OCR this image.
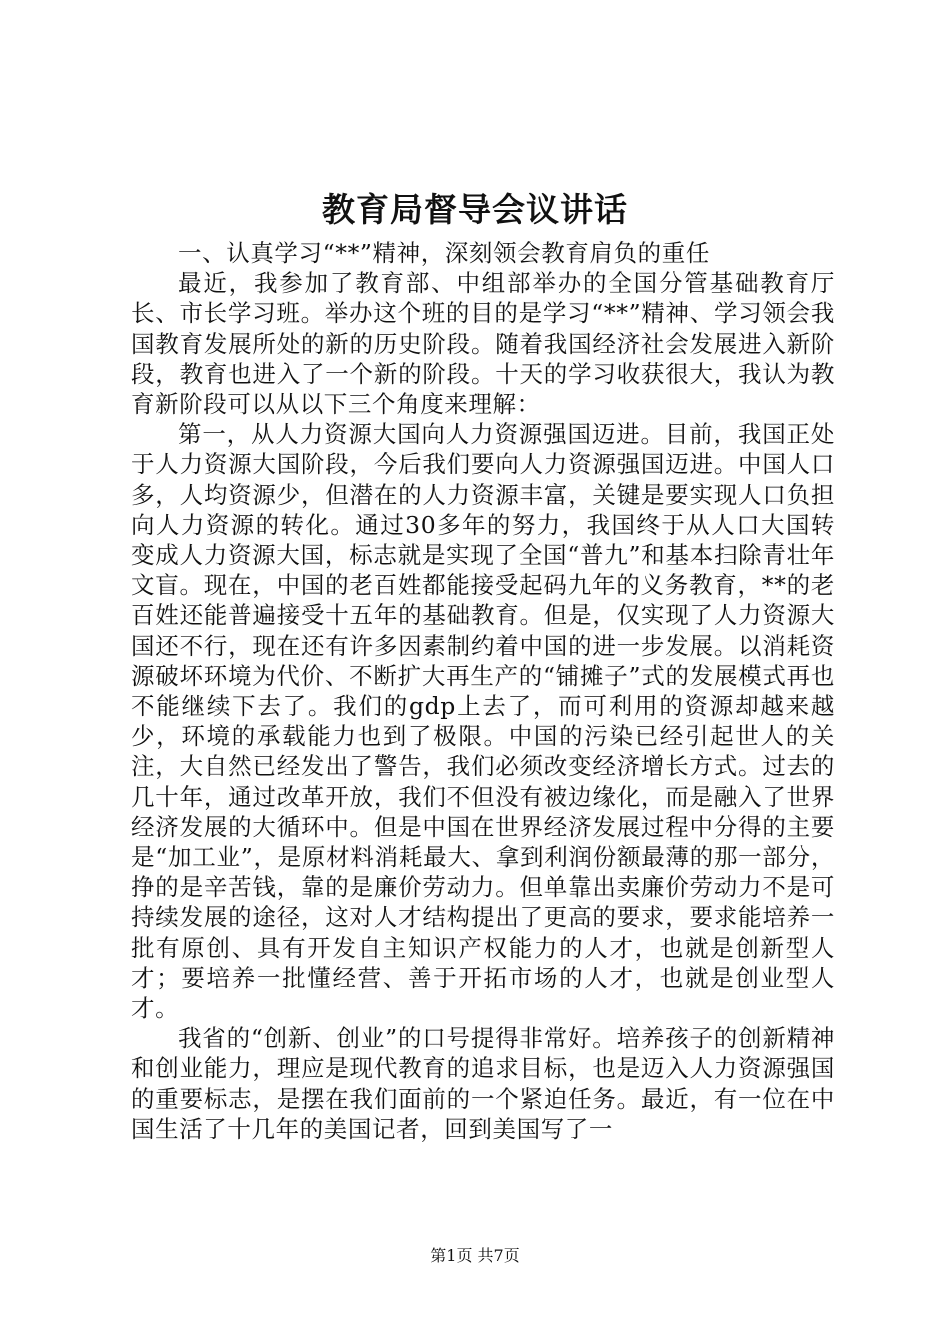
教育局督导会议讲话

一、认真学习“**”精神，深刻领会教育肩负的重任

最近，我参加了教育部、中组部举办的全国分管基础教育厅长、市长学习班。举办这个班的目的是学习“**”精神、学习领会我国教育发展所处的新的历史阶段。随着我国经济社会发展进入新阶段，教育也进入了一个新的阶段。十天的学习收获很大，我认为教育新阶段可以从以下三个角度来理解：

第一，从人力资源大国向人力资源强国迈进。目前，我国正处于人力资源大国阶段，今后我们要向人力资源强国迈进。中国人口多，人均资源少，但潜在的人力资源丰富，关键是要实现人口负担向人力资源的转化。通过30多年的努力，我国终于从人口大国转变成人力资源大国，标志就是实现了全国“普九”和基本扫除青壮年文盲。现在，中国的老百姓都能接受起码九年的义务教育，**的老百姓还能普遍接受十五年的基础教育。但是，仅实现了人力资源大国还不行，现在还有许多因素制约着中国的进一步发展。以消耗资源破坏环境为代价、不断扩大再生产的“铺摊子”式的发展模式再也不能继续下去了。我们的gdp上去了，而可利用的资源却越来越少，环境的承载能力也到了极限。中国的污染已经引起世人的关注，大自然已经发出了警告，我们必须改变经济增长方式。过去的几十年，通过改革开放，我们不但没有被边缘化，而是融入了世界经济发展的大循环中。但是中国在世界经济发展过程中分得的主要是“加工业”，是原材料消耗最大、拿到利润份额最薄的那一部分，挣的是辛苦钱，靠的是廉价劳动力。但单靠出卖廉价劳动力不是可持续发展的途径，这对人才结构提出了更高的要求，要求能培养一批有原创、具有开发自主知识产权能力的人才，也就是创新型人才；要培养一批懂经营、善于开拓市场的人才，也就是创业型人才。

我省的“创新、创业”的口号提得非常好。培养孩子的创新精神和创业能力，理应是现代教育的追求目标，也是迈入人力资源强国的重要标志，是摆在我们面前的一个紧迫任务。最近，有一位在中国生活了十几年的美国记者，回到美国写了一

第1页 共7页
